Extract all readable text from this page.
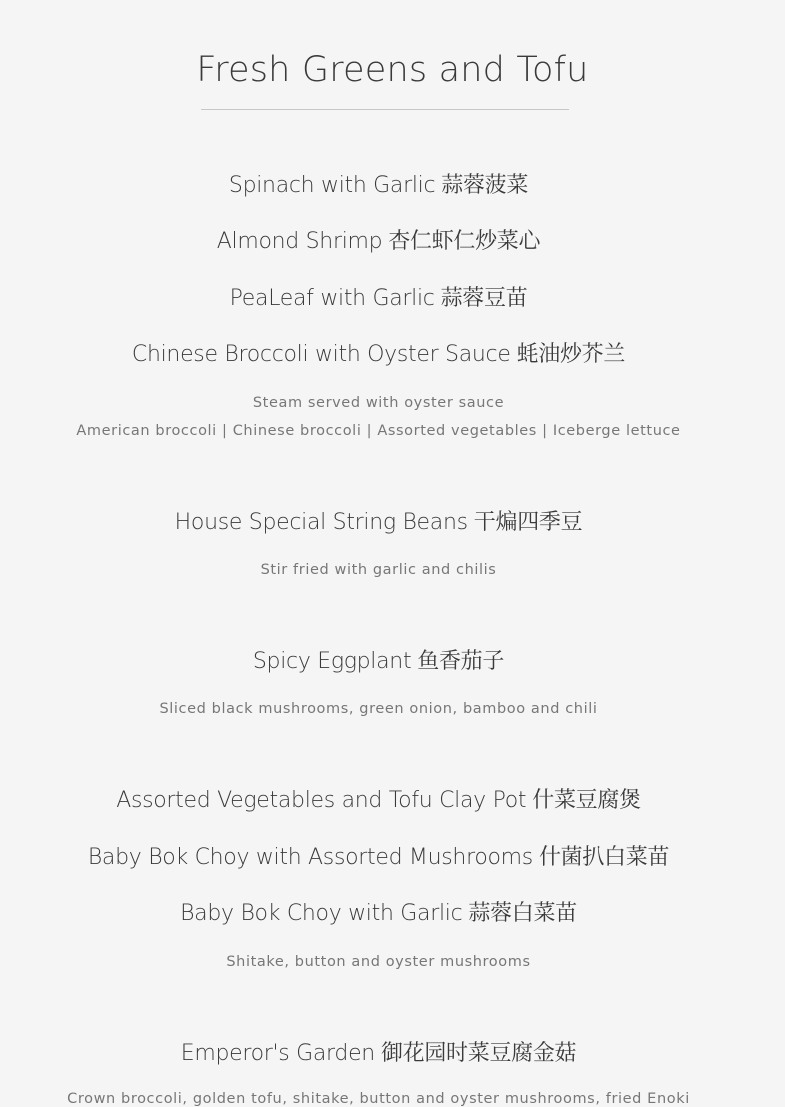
Fresh Greens and Tofu
Spinach with Garlic 蒜蓉菠菜
Almond Shrimp 杏仁虾仁炒菜心
PeaLeaf with Garlic 蒜蓉豆苗
Chinese Broccoli with Oyster Sauce 蚝油炒芥兰
Steam served with oyster sauce
American broccoli | Chinese broccoli | Assorted vegetables | Iceberge lettuce
House Special String Beans 干煸四季豆
Stir fried with garlic and chilis
Spicy Eggplant 鱼香茄子
Sliced black mushrooms, green onion, bamboo and chili
Assorted Vegetables and Tofu Clay Pot 什菜豆腐煲
Baby Bok Choy with Assorted Mushrooms 什菌扒白菜苗
Baby Bok Choy with Garlic 蒜蓉白菜苗
Shitake, button and oyster mushrooms
Emperor's Garden 御花园时菜豆腐金菇
Crown broccoli, golden tofu, shitake, button and oyster mushrooms, fried Enoki
